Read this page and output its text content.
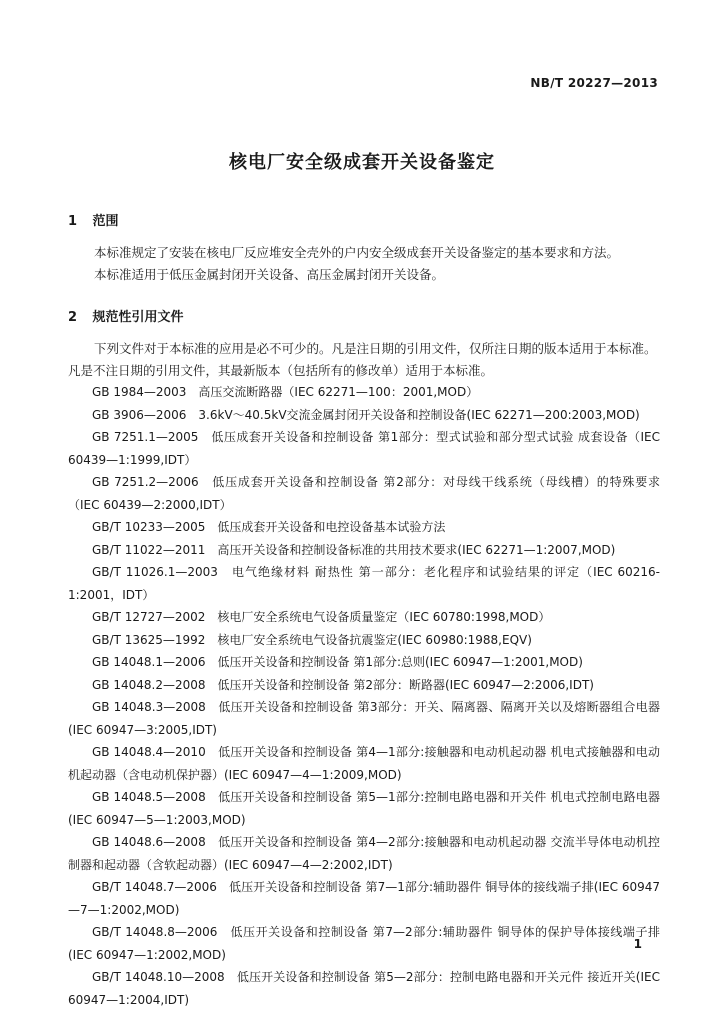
NB/T 20227—2013
核电厂安全级成套开关设备鉴定
1 范围

本标准规定了安装在核电厂反应堆安全壳外的户内安全级成套开关设备鉴定的基本要求和方法。

本标准适用于低压金属封闭开关设备、高压金属封闭开关设备。

2 规范性引用文件

下列文件对于本标准的应用是必不可少的。凡是注日期的引用文件，仅所注日期的版本适用于本标准。凡是不注日期的引用文件，其最新版本（包括所有的修改单）适用于本标准。

GB 1984—2003　高压交流断路器（IEC 62271—100：2001,MOD）

GB 3906—2006　3.6kV～40.5kV交流金属封闭开关设备和控制设备(IEC 62271—200:2003,MOD)

GB 7251.1—2005　低压成套开关设备和控制设备 第1部分：型式试验和部分型式试验 成套设备（IEC 60439—1:1999,IDT）

GB 7251.2—2006　低压成套开关设备和控制设备 第2部分：对母线干线系统（母线槽）的特殊要求（IEC 60439—2:2000,IDT）

GB/T 10233—2005　低压成套开关设备和电控设备基本试验方法

GB/T 11022—2011　高压开关设备和控制设备标准的共用技术要求(IEC 62271—1:2007,MOD)

GB/T 11026.1—2003　电气绝缘材料 耐热性 第一部分：老化程序和试验结果的评定（IEC 60216-1:2001，IDT）

GB/T 12727—2002　核电厂安全系统电气设备质量鉴定（IEC 60780:1998,MOD）

GB/T 13625—1992　核电厂安全系统电气设备抗震鉴定(IEC 60980:1988,EQV)

GB 14048.1—2006　低压开关设备和控制设备 第1部分:总则(IEC 60947—1:2001,MOD)

GB 14048.2—2008　低压开关设备和控制设备 第2部分：断路器(IEC 60947—2:2006,IDT)

GB 14048.3—2008　低压开关设备和控制设备 第3部分：开关、隔离器、隔离开关以及熔断器组合电器(IEC 60947—3:2005,IDT)

GB 14048.4—2010　低压开关设备和控制设备 第4—1部分:接触器和电动机起动器 机电式接触器和电动机起动器（含电动机保护器）(IEC 60947—4—1:2009,MOD)

GB 14048.5—2008　低压开关设备和控制设备 第5—1部分:控制电路电器和开关件 机电式控制电路电器(IEC 60947—5—1:2003,MOD)

GB 14048.6—2008　低压开关设备和控制设备 第4—2部分:接触器和电动机起动器 交流半导体电动机控制器和起动器（含软起动器）(IEC 60947—4—2:2002,IDT)

GB/T 14048.7—2006　低压开关设备和控制设备 第7—1部分:辅助器件 铜导体的接线端子排(IEC 60947—7—1:2002,MOD)

GB/T 14048.8—2006　低压开关设备和控制设备 第7—2部分:辅助器件 铜导体的保护导体接线端子排(IEC 60947—1:2002,MOD)

GB/T 14048.10—2008　低压开关设备和控制设备 第5—2部分：控制电路电器和开关元件 接近开关(IEC 60947—1:2004,IDT)

1
